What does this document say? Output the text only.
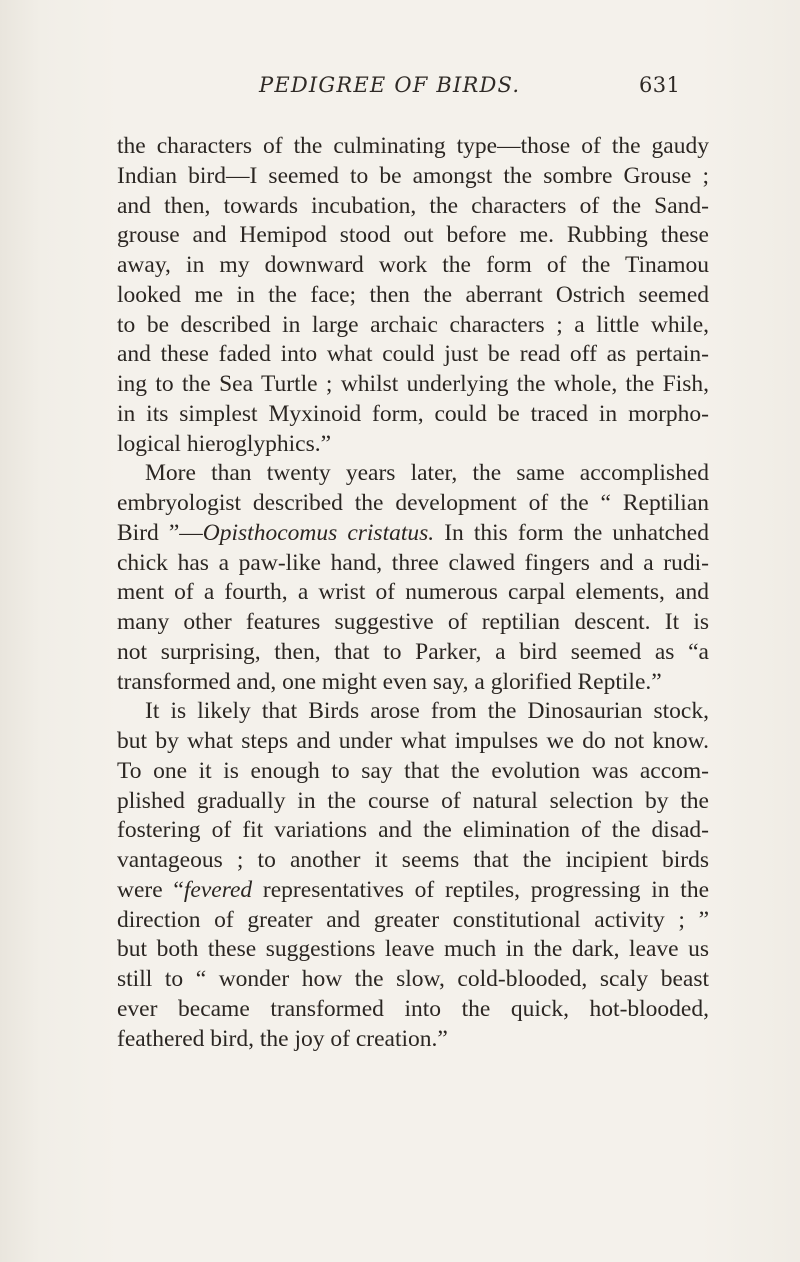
PEDIGREE OF BIRDS.	631
the characters of the culminating type—those of the gaudy
Indian bird—I seemed to be amongst the sombre Grouse ;
and then, towards incubation, the characters of the Sand-
grouse and Hemipod stood out before me. Rubbing these
away, in my downward work the form of the Tinamou
looked me in the face; then the aberrant Ostrich seemed
to be described in large archaic characters ; a little while,
and these faded into what could just be read off as pertain-
ing to the Sea Turtle ; whilst underlying the whole, the Fish,
in its simplest Myxinoid form, could be traced in morpho-
logical hieroglyphics.”
More than twenty years later, the same accomplished
embryologist described the development of the “ Reptilian
Bird ”—Opisthocomus cristatus. In this form the unhatched
chick has a paw-like hand, three clawed fingers and a rudi-
ment of a fourth, a wrist of numerous carpal elements, and
many other features suggestive of reptilian descent. It is
not surprising, then, that to Parker, a bird seemed as “a
transformed and, one might even say, a glorified Reptile.”
It is likely that Birds arose from the Dinosaurian stock,
but by what steps and under what impulses we do not know.
To one it is enough to say that the evolution was accom-
plished gradually in the course of natural selection by the
fostering of fit variations and the elimination of the disad-
vantageous ; to another it seems that the incipient birds
were “fevered representatives of reptiles, progressing in the
direction of greater and greater constitutional activity ; ”
but both these suggestions leave much in the dark, leave us
still to “ wonder how the slow, cold-blooded, scaly beast
ever became transformed into the quick, hot-blooded,
feathered bird, the joy of creation.”
